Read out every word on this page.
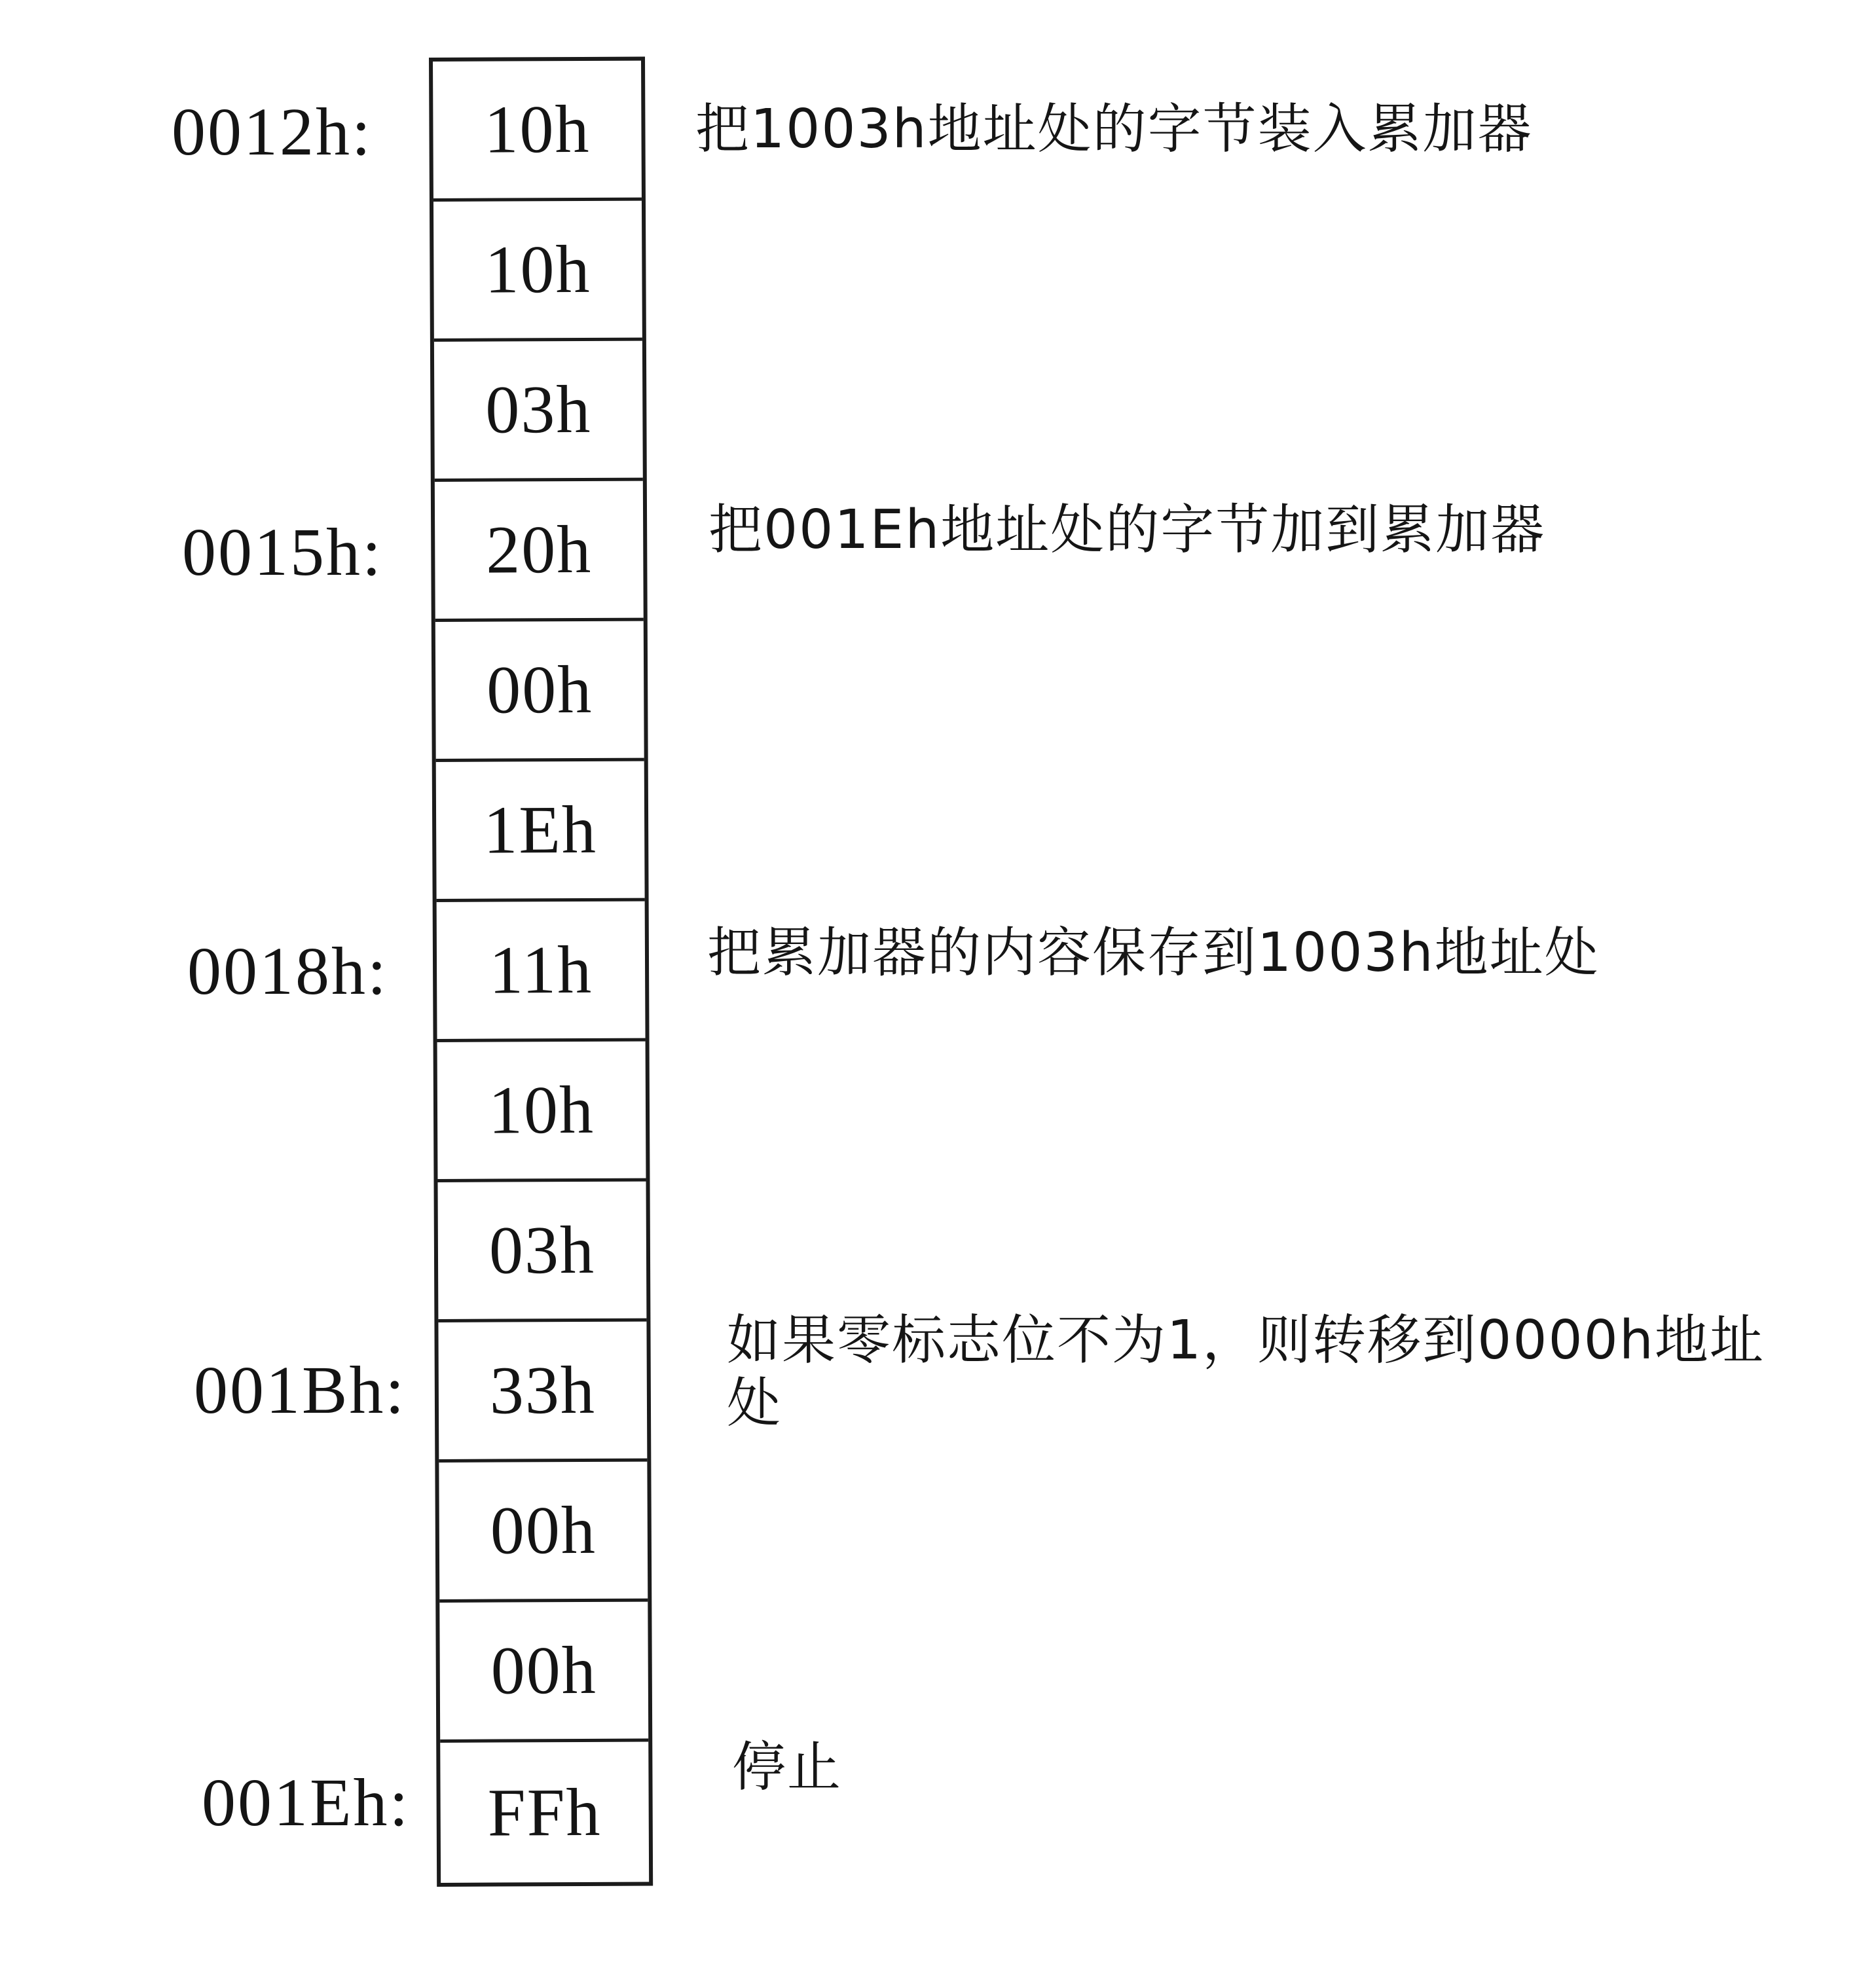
10h
10h
03h
20h
00h
1Eh
11h
10h
03h
33h
00h
00h
FFh
0012h:
0015h:
0018h:
001Bh:
001Eh:
把1003h地址处的字节装入累加器
把001Eh地址处的字节加到累加器
把累加器的内容保存到1003h地址处
如果零标志位不为1，则转移到0000h地址处
停止
